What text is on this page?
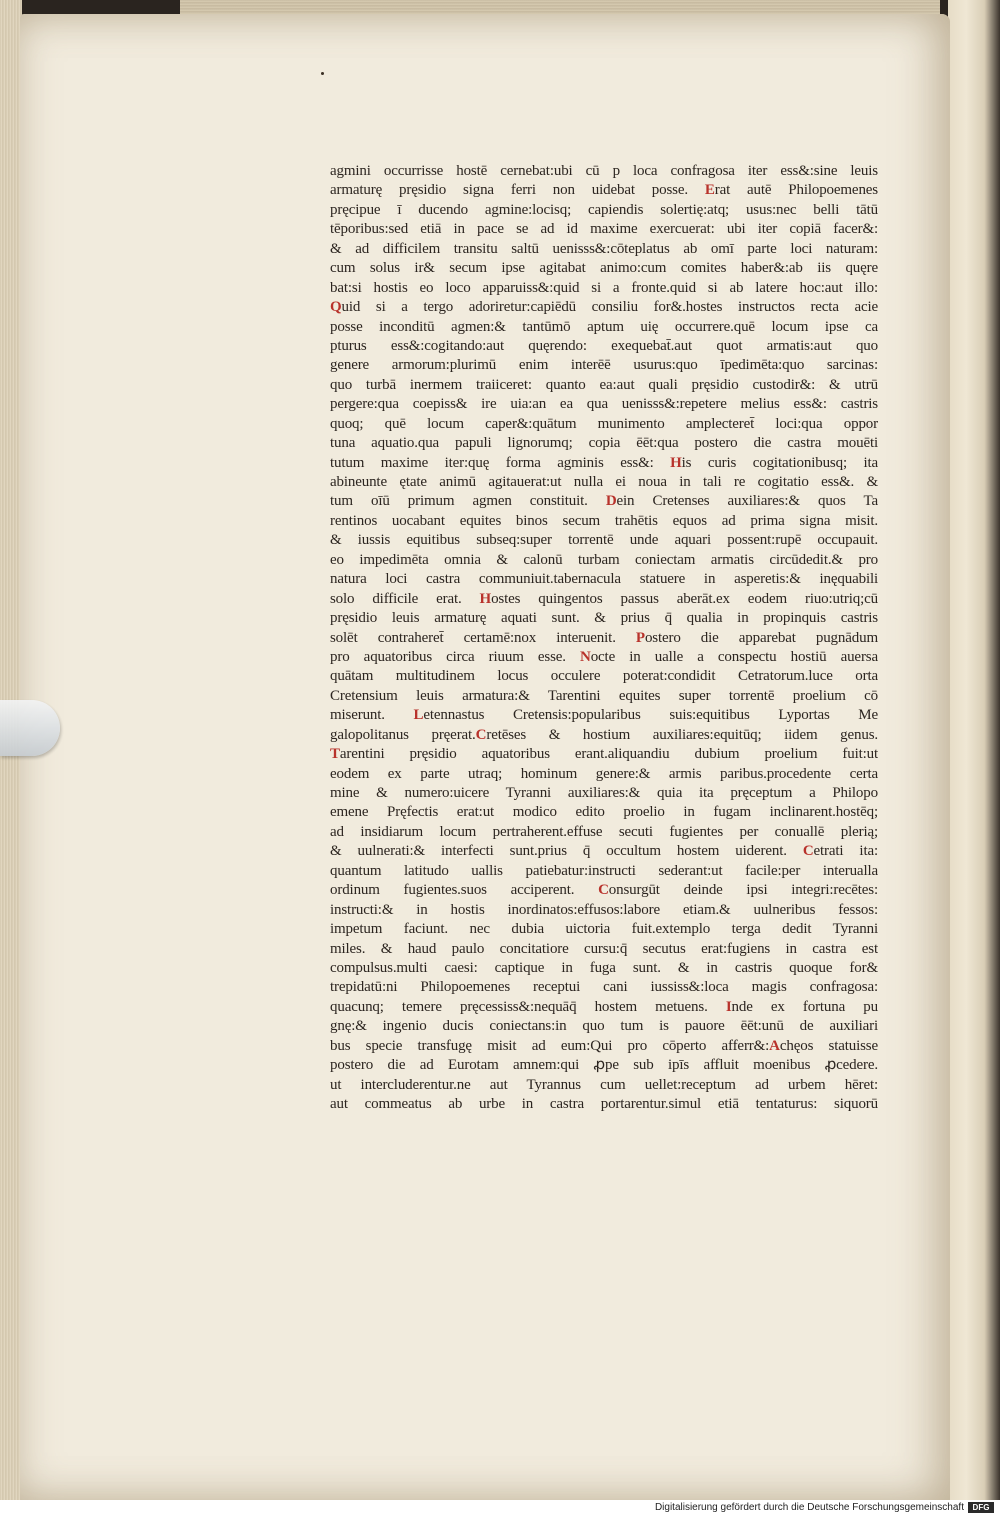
agmini occurrisse hostē cernebat:ubi cū p loca confragosa iter ess&:sine leuis
armaturę pręsidio signa ferri non uidebat posse. Erat autē Philopoemenes
pręcipue ī ducendo agmine:locisq; capiendis solertię:atq; usus:nec belli tātū
tēporibus:sed etiā in pace se ad id maxime exercuerat: ubi iter copiā facer&:
& ad difficilem transitu saltū uenisss&:cōteplatus ab omī parte loci naturam:
cum solus ir& secum ipse agitabat animo:cum comites haber&:ab iis quęre
bat:si hostis eo loco apparuiss&:quid si a fronte.quid si ab latere hoc:aut illo:
Quid si a tergo adoriretur:capiēdū consiliu for&.hostes instructos recta acie
posse inconditū agmen:& tantūmō aptum uię occurrere.quē locum ipse ca
pturus ess&:cogitando:aut quęrendo: exequebat̄.aut quot armatis:aut quo
genere armorum:plurimū enim interēē usurus:quo īpedimēta:quo sarcinas:
quo turbā inermem traiiceret: quanto ea:aut quali pręsidio custodir&: & utrū
pergere:qua coepiss& ire uia:an ea qua uenisss&:repetere melius ess&: castris
quoq; quē locum caper&:quātum munimento amplecteret̄ loci:qua oppor
tuna aquatio.qua papuli lignorumq; copia ēēt:qua postero die castra mouēti
tutum maxime iter:quę forma agminis ess&: His curis cogitationibusq; ita
abineunte ętate animū agitauerat:ut nulla ei noua in tali re cogitatio ess&. &
tum oīū primum agmen constituit. Dein Cretenses auxiliares:& quos Ta
rentinos uocabant equites binos secum trahētis equos ad prima signa misit.
& iussis equitibus subseq:super torrentē unde aquari possent:rupē occupauit.
eo impedimēta omnia & calonū turbam coniectam armatis circūdedit.& pro
natura loci castra communiuit.tabernacula statuere in asperetis:& inęquabili
solo difficile erat. Hostes quingentos passus aberāt.ex eodem riuo:utriq;cū
pręsidio leuis armaturę aquati sunt. & prius q̄ qualia in propinquis castris
solēt contraheret̄ certamē:nox interuenit. Postero die apparebat pugnādum
pro aquatoribus circa riuum esse. Nocte in ualle a conspectu hostiū auersa
quātam multitudinem locus occulere poterat:condidit Cetratorum.luce orta
Cretensium leuis armatura:& Tarentini equites super torrentē proelium cō
miserunt. Letennastus Cretensis:popularibus suis:equitibus Lyportas Me
galopolitanus pręerat.Cretēses & hostium auxiliares:equitūq; iidem genus.
Tarentini pręsidio aquatoribus erant.aliquandiu dubium proelium fuit:ut
eodem ex parte utraq; hominum genere:& armis paribus.procedente certa
mine & numero:uicere Tyranni auxiliares:& quia ita pręceptum a Philopo
emene Pręfectis erat:ut modico edito proelio in fugam inclinarent.hostēq;
ad insidiarum locum pertraherent.effuse secuti fugientes per conuallē plerią;
& uulnerati:& interfecti sunt.prius q̄ occultum hostem uiderent. Cetrati ita:
quantum latitudo uallis patiebatur:instructi sederant:ut facile:per interualla
ordinum fugientes.suos acciperent. Consurgūt deinde ipsi integri:recētes:
instructi:& in hostis inordinatos:effusos:labore etiam.& uulneribus fessos:
impetum faciunt. nec dubia uictoria fuit.extemplo terga dedit Tyranni
miles. & haud paulo concitatiore cursu:q̄ secutus erat:fugiens in castra est
compulsus.multi caesi: captique in fuga sunt. & in castris quoque for&
trepidatū:ni Philopoemenes receptui cani iussiss&:loca magis confragosa:
quacunq; temere pręcessiss&:nequāq̄ hostem metuens. Inde ex fortuna pu
gnę:& ingenio ducis coniectans:in quo tum is pauore ēēt:unū de auxiliari
bus specie transfugę misit ad eum:Qui pro cōperto afferr&:Achęos statuisse
postero die ad Eurotam amnem:qui ꝓpe sub ipīs affluit moenibus ꝓcedere.
ut intercluderentur.ne aut Tyrannus cum uellet:receptum ad urbem hēret:
aut commeatus ab urbe in castra portarentur.simul etiā tentaturus: siquorū
Digitalisierung gefördert durch die Deutsche Forschungsgemeinschaft	DFG
